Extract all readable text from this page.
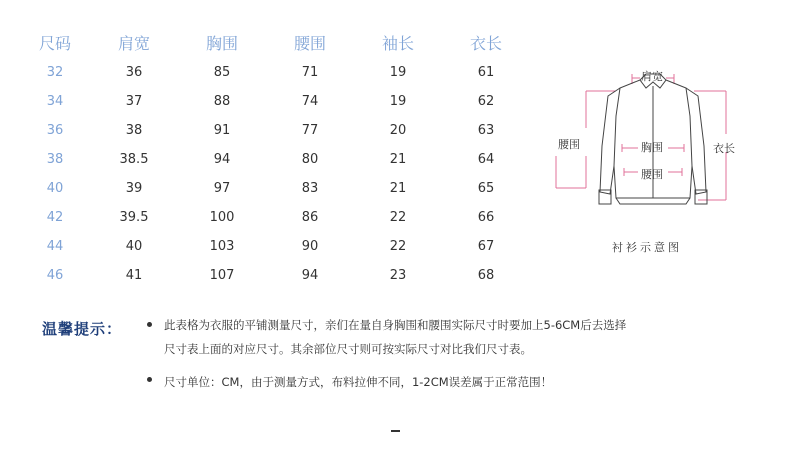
尺码	肩宽	胸围	腰围	袖长	衣长
32	36	85	71	19	61
34	37	88	74	19	62
36	38	91	77	20	63
38	38.5	94	80	21	64
40	39	97	83	21	65
42	39.5	100	86	22	66
44	40	103	90	22	67
46	41	107	94	23	68
肩宽
腰围	胸围
腰围
衣长
衬衫示意图
温馨提示：	此表格为衣服的平铺测量尺寸，亲们在量自身胸围和腰围实际尺寸时要加上5-6CM后去选择
尺寸表上面的对应尺寸。其余部位尺寸则可按实际尺寸对比我们尺寸表。
尺寸单位：CM，由于测量方式，布料拉伸不同，1-2CM误差属于正常范围！
